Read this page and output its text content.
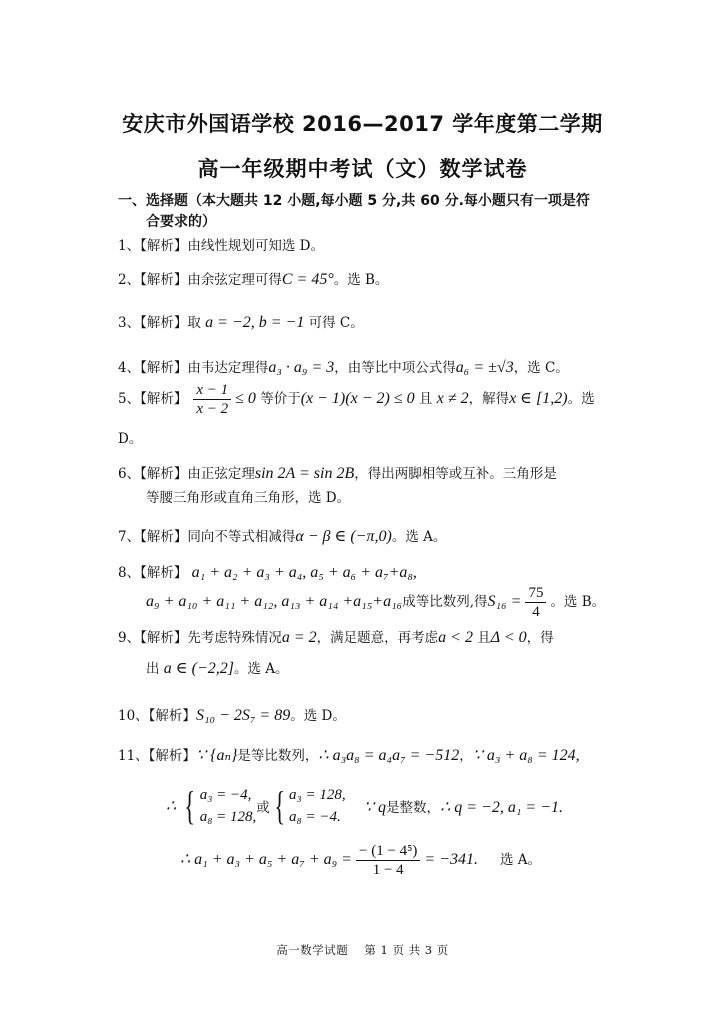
安庆市外国语学校 2016—2017 学年度第二学期
高一年级期中考试（文）数学试卷
一、选择题（本大题共 12 小题,每小题 5 分,共 60 分.每小题只有一项是符
合要求的）
1、【解析】由线性规划可知选 D。
2、【解析】由余弦定理可得C = 45°。选 B。
3、【解析】取 a = −2, b = −1 可得 C。
4、【解析】由韦达定理得a₃ · a₉ = 3，由等比中项公式得a₆ = ±√3，选 C。
5、【解析】 $\frac{x - 1}{x - 2} \le 0$ 等价于(x − 1)(x − 2) ≤ 0 且 x ≠ 2，解得x ∈ [1,2)。选
D。
6、【解析】由正弦定理sin 2A = sin 2B，得出两脚相等或互补。三角形是
等腰三角形或直角三角形，选 D。
7、【解析】同向不等式相减得α − β ∈ (−π,0)。选 A。
8、【解析】 a₁ + a₂ + a₃ + a₄, a₅ + a₆ + a₇+a₈,
a₉ + a₁₀ + a₁₁ + a₁₂, a₁₃ + a₁₄ +a₁₅+a₁₆成等比数列,得$S_{16} = \frac{75}{4}$ 。选 B。
9、【解析】先考虑特殊情况a = 2，满足题意，再考虑a < 2 且Δ < 0，得
出 a ∈ (−2,2]。选 A。
10、【解析】S₁₀ − 2S₇ = 89。选 D。
11、【解析】∵ {aₙ}是等比数列，∴ a₃a₈ = a₄a₇ = −512，∵ a₃ + a₈ = 124,
∴ { a₃ = −4,
a₈ = 128,
或 { a₃ = 128,
a₈ = −4.
∵ q是整数，∴ q = −2, a₁ = −1.
∴ $a_1 + a_3 + a_5 + a_7 + a_9 = \frac{\text{− (1 − 4⁵)}}{1 - 4} = -341$. 选 A。
高一数学试题　 第 1 页 共 3 页
